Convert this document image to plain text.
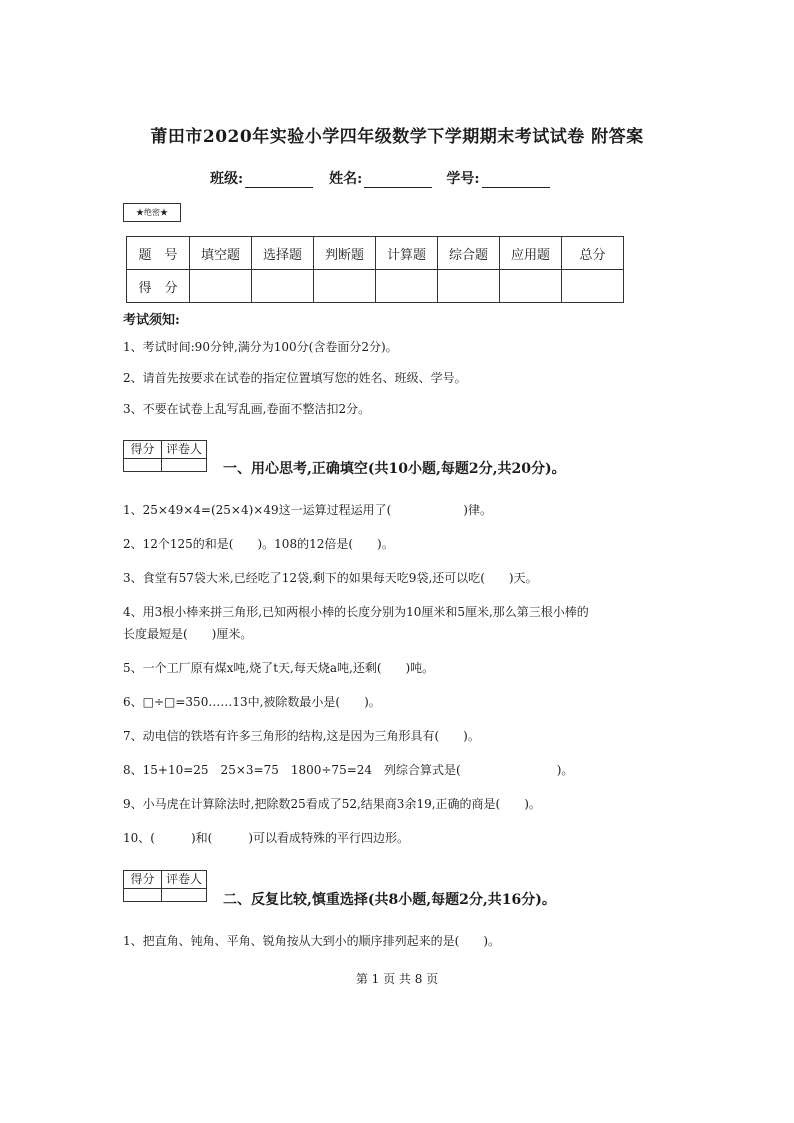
莆田市2020年实验小学四年级数学下学期期末考试试卷 附答案
班级:	姓名:	学号:
★绝密★
题　号	填空题	选择题	判断题	计算题	综合题	应用题	总分
得　分							
考试须知:
1、考试时间:90分钟,满分为100分(含卷面分2分)。
2、请首先按要求在试卷的指定位置填写您的姓名、班级、学号。
3、不要在试卷上乱写乱画,卷面不整洁扣2分。
得分 评卷人
一、用心思考,正确填空(共10小题,每题2分,共20分)。
1、25×49×4=(25×4)×49这一运算过程运用了(　　　　　　)律。
2、12个125的和是(　　)。108的12倍是(　　)。
3、食堂有57袋大米,已经吃了12袋,剩下的如果每天吃9袋,还可以吃(　　)天。
4、用3根小棒来拼三角形,已知两根小棒的长度分别为10厘米和5厘米,那么第三根小棒的
长度最短是(　　)厘米。
5、一个工厂原有煤x吨,烧了t天,每天烧a吨,还剩(　　)吨。
6、□÷□=350……13中,被除数最小是(　　)。
7、动电信的铁塔有许多三角形的结构,这是因为三角形具有(　　)。
8、15+10=25　25×3=75　1800÷75=24　列综合算式是(　　　　　　　　)。
9、小马虎在计算除法时,把除数25看成了52,结果商3余19,正确的商是(　　)。
10、(　　　)和(　　　)可以看成特殊的平行四边形。
得分 评卷人
二、反复比较,慎重选择(共8小题,每题2分,共16分)。
1、把直角、钝角、平角、锐角按从大到小的顺序排列起来的是(　　)。
第 1 页 共 8 页
